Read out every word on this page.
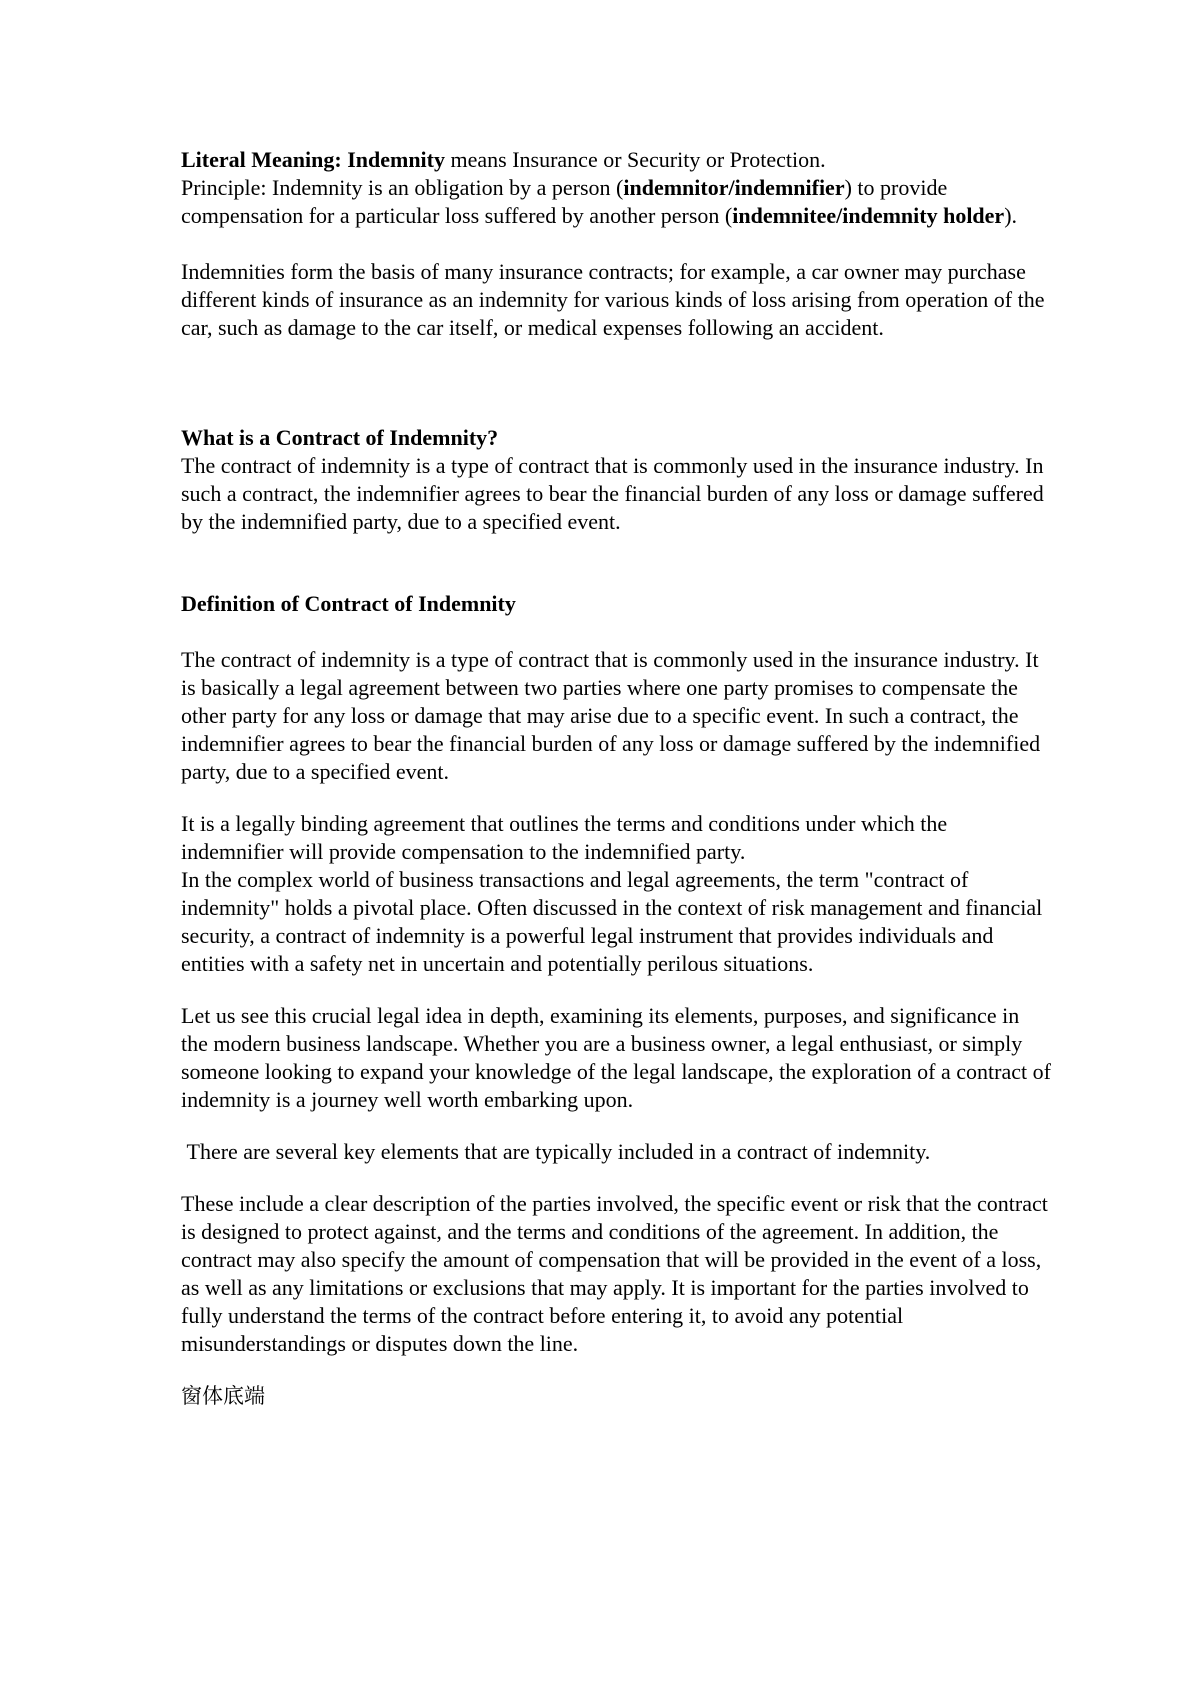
Literal Meaning: Indemnity means Insurance or Security or Protection.
Principle: Indemnity is an obligation by a person (indemnitor/indemnifier) to provide compensation for a particular loss suffered by another person (indemnitee/indemnity holder).

Indemnities form the basis of many insurance contracts; for example, a car owner may purchase different kinds of insurance as an indemnity for various kinds of loss arising from operation of the car, such as damage to the car itself, or medical expenses following an accident.

What is a Contract of Indemnity?

The contract of indemnity is a type of contract that is commonly used in the insurance industry. In such a contract, the indemnifier agrees to bear the financial burden of any loss or damage suffered by the indemnified party, due to a specified event.

Definition of Contract of Indemnity

The contract of indemnity is a type of contract that is commonly used in the insurance industry. It is basically a legal agreement between two parties where one party promises to compensate the other party for any loss or damage that may arise due to a specific event. In such a contract, the indemnifier agrees to bear the financial burden of any loss or damage suffered by the indemnified party, due to a specified event.

It is a legally binding agreement that outlines the terms and conditions under which the indemnifier will provide compensation to the indemnified party.
In the complex world of business transactions and legal agreements, the term "contract of indemnity" holds a pivotal place. Often discussed in the context of risk management and financial security, a contract of indemnity is a powerful legal instrument that provides individuals and entities with a safety net in uncertain and potentially perilous situations.

Let us see this crucial legal idea in depth, examining its elements, purposes, and significance in the modern business landscape. Whether you are a business owner, a legal enthusiast, or simply someone looking to expand your knowledge of the legal landscape, the exploration of a contract of indemnity is a journey well worth embarking upon.

There are several key elements that are typically included in a contract of indemnity.

These include a clear description of the parties involved, the specific event or risk that the contract is designed to protect against, and the terms and conditions of the agreement. In addition, the contract may also specify the amount of compensation that will be provided in the event of a loss, as well as any limitations or exclusions that may apply. It is important for the parties involved to fully understand the terms of the contract before entering it, to avoid any potential misunderstandings or disputes down the line.

窗体底端
